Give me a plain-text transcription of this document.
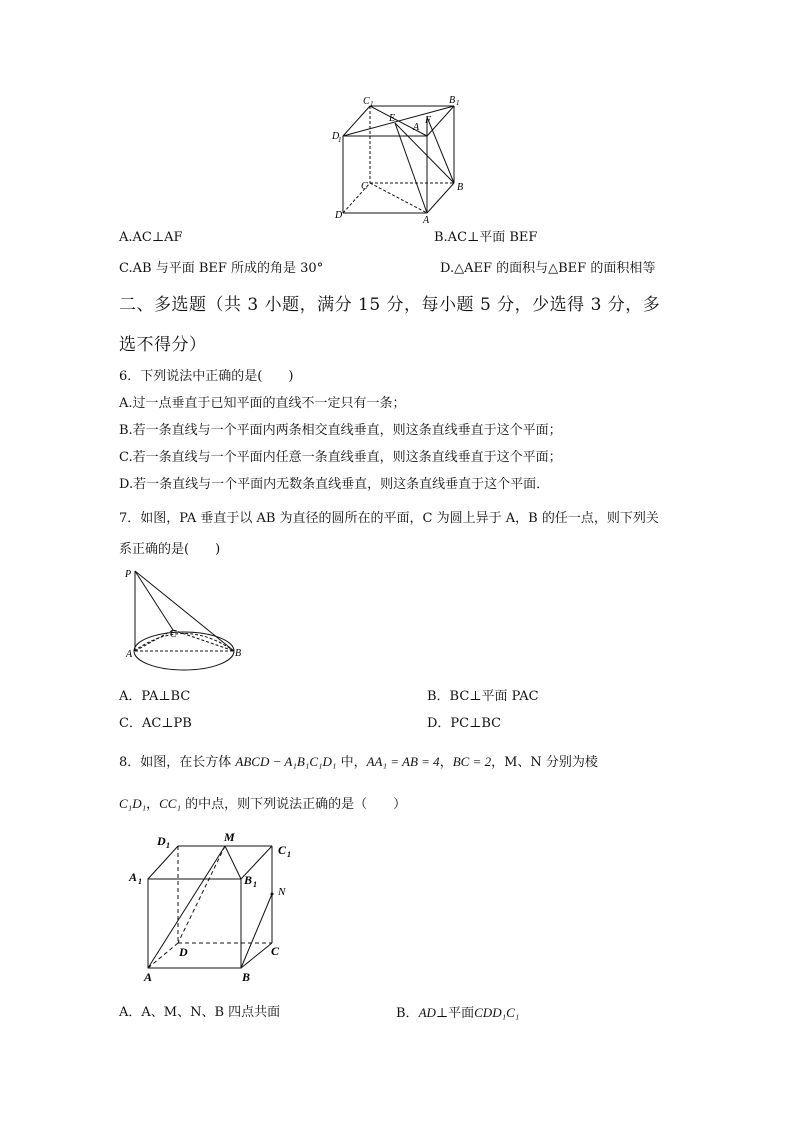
C 1	B 1
D
1
E
A
F
C	B
D	A
A.AC⊥AF	B.AC⊥平面 BEF
C.AB 与平面 BEF 所成的角是 30°	D.△AEF 的面积与△BEF 的面积相等
二、多选题（共 3 小题，满分 15 分，每小题 5 分，少选得 3 分，多
选不得分）
6．下列说法中正确的是(　　)
A.过一点垂直于已知平面的直线不一定只有一条；
B.若一条直线与一个平面内两条相交直线垂直，则这条直线垂直于这个平面；
C.若一条直线与一个平面内任意一条直线垂直，则这条直线垂直于这个平面；
D.若一条直线与一个平面内无数条直线垂直，则这条直线垂直于这个平面．
7．如图，PA 垂直于以 AB 为直径的圆所在的平面，C 为圆上异于 A，B 的任一点，则下列关
系正确的是(　　)
P
C
A	B
A．PA⊥BC	B．BC⊥平面 PAC
C．AC⊥PB	D．PC⊥BC
8．如图，在长方体 ABCD − A₁B₁C₁D₁ 中，AA₁ = AB = 4，BC = 2，M、N 分别为棱
C₁D₁，CC₁ 的中点，则下列说法正确的是（　　）
D 1
M
C 1
A 1	B 1
N
D	C
A	B
A．A、M、N、B 四点共面	B．AD⊥平面CDD₁C₁
